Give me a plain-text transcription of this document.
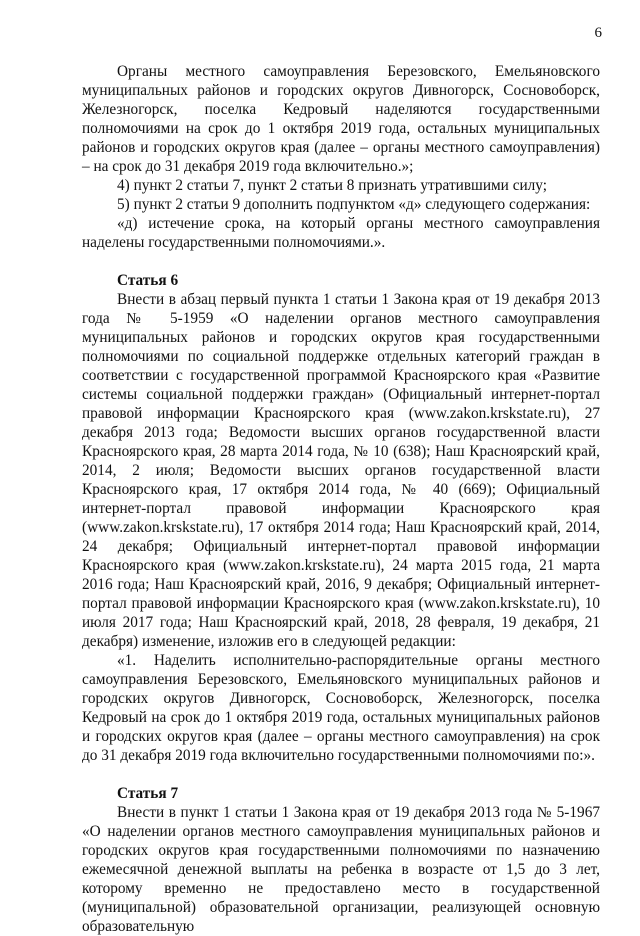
6

Органы местного самоуправления Березовского, Емельяновского муниципальных районов и городских округов Дивногорск, Сосновоборск, Железногорск, поселка Кедровый наделяются государственными полномочиями на срок до 1 октября 2019 года, остальных муниципальных районов и городских округов края (далее – органы местного самоуправления) – на срок до 31 декабря 2019 года включительно.»;

4) пункт 2 статьи 7, пункт 2 статьи 8 признать утратившими силу;

5) пункт 2 статьи 9 дополнить подпунктом «д» следующего содержания:

«д) истечение срока, на который органы местного самоуправления наделены государственными полномочиями.».

Статья 6

Внести в абзац первый пункта 1 статьи 1 Закона края от 19 декабря 2013 года № 5-1959 «О наделении органов местного самоуправления муниципальных районов и городских округов края государственными полномочиями по социальной поддержке отдельных категорий граждан в соответствии с государственной программой Красноярского края «Развитие системы социальной поддержки граждан» (Официальный интернет-портал правовой информации Красноярского края (www.zakon.krskstate.ru), 27 декабря 2013 года; Ведомости высших органов государственной власти Красноярского края, 28 марта 2014 года, № 10 (638); Наш Красноярский край, 2014, 2 июля; Ведомости высших органов государственной власти Красноярского края, 17 октября 2014 года, № 40 (669); Официальный интернет-портал правовой информации Красноярского края (www.zakon.krskstate.ru), 17 октября 2014 года; Наш Красноярский край, 2014, 24 декабря; Официальный интернет-портал правовой информации Красноярского края (www.zakon.krskstate.ru), 24 марта 2015 года, 21 марта 2016 года; Наш Красноярский край, 2016, 9 декабря; Официальный интернет-портал правовой информации Красноярского края (www.zakon.krskstate.ru), 10 июля 2017 года; Наш Красноярский край, 2018, 28 февраля, 19 декабря, 21 декабря) изменение, изложив его в следующей редакции:

«1. Наделить исполнительно-распорядительные органы местного самоуправления Березовского, Емельяновского муниципальных районов и городских округов Дивногорск, Сосновоборск, Железногорск, поселка Кедровый на срок до 1 октября 2019 года, остальных муниципальных районов и городских округов края (далее – органы местного самоуправления) на срок до 31 декабря 2019 года включительно государственными полномочиями по:».

Статья 7

Внести в пункт 1 статьи 1 Закона края от 19 декабря 2013 года № 5-1967 «О наделении органов местного самоуправления муниципальных районов и городских округов края государственными полномочиями по назначению ежемесячной денежной выплаты на ребенка в возрасте от 1,5 до 3 лет, которому временно не предоставлено место в государственной (муниципальной) образовательной организации, реализующей основную образовательную
